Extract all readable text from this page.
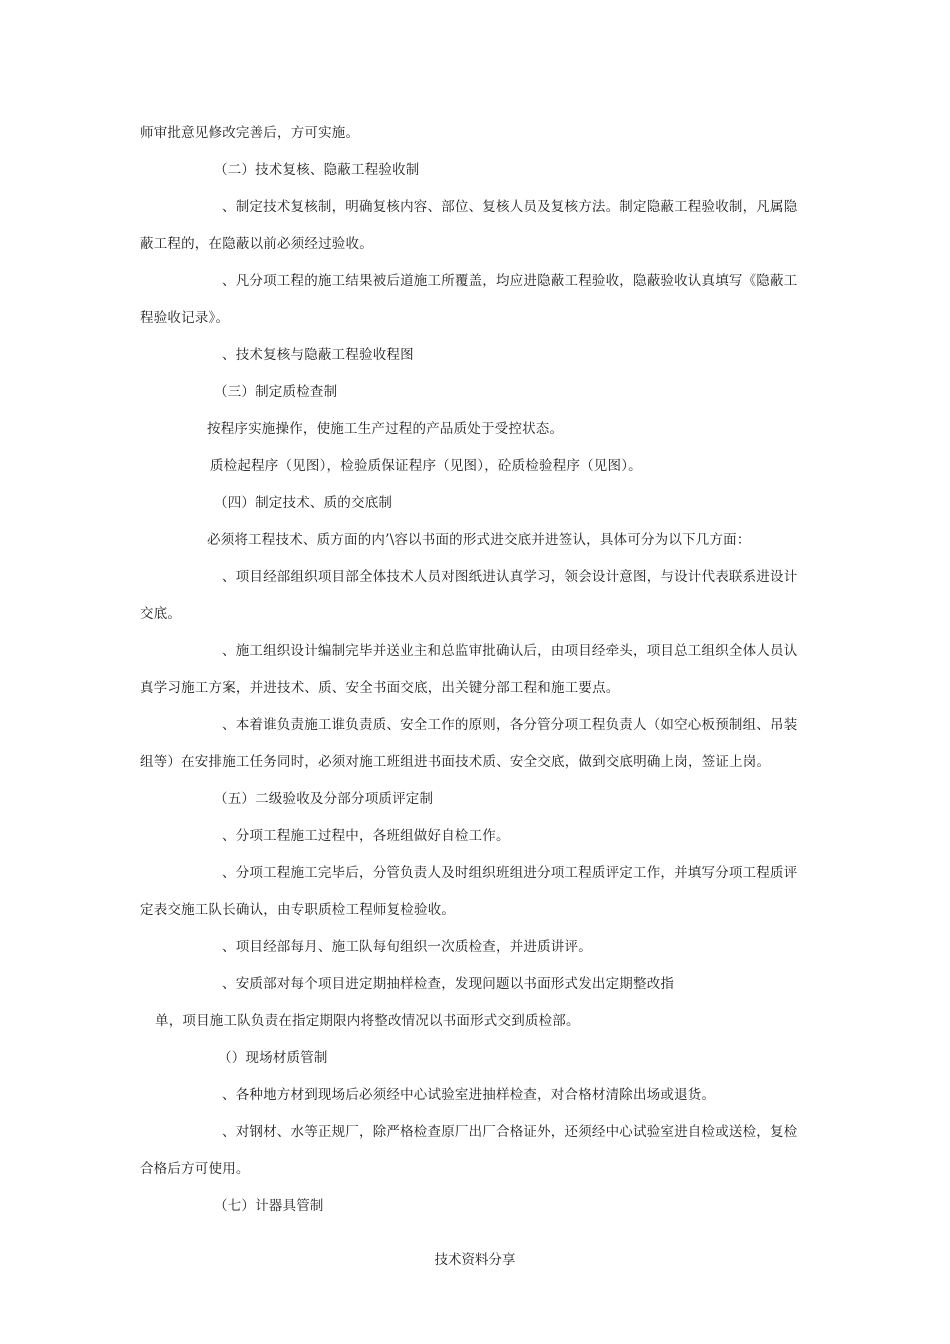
师审批意见修改完善后，方可实施。
（二）技术复核、隐蔽工程验收制
、制定技术复核制，明确复核内容、部位、复核人员及复核方法。制定隐蔽工程验收制，凡属隐
蔽工程的，在隐蔽以前必须经过验收。
、凡分项工程的施工结果被后道施工所覆盖，均应进隐蔽工程验收，隐蔽验收认真填写《隐蔽工
程验收记录》。
、技术复核与隐蔽工程验收程图
（三）制定质检查制
按程序实施操作，使施工生产过程的产品质处于受控状态。
质检起程序（见图），检验质保证程序（见图），砼质检验程序（见图）。
（四）制定技术、质的交底制
必须将工程技术、质方面的内’\容以书面的形式进交底并进签认，具体可分为以下几方面：
、项目经部组织项目部全体技术人员对图纸进认真学习，领会设计意图，与设计代表联系进设计
交底。
、施工组织设计编制完毕并送业主和总监审批确认后，由项目经牵头，项目总工组织全体人员认
真学习施工方案，并进技术、质、安全书面交底，出关键分部工程和施工要点。
、本着谁负责施工谁负责质、安全工作的原则，各分管分项工程负责人（如空心板预制组、吊装
组等）在安排施工任务同时，必须对施工班组进书面技术质、安全交底，做到交底明确上岗，签证上岗。
（五）二级验收及分部分项质评定制
、分项工程施工过程中，各班组做好自检工作。
、分项工程施工完毕后，分管负责人及时组织班组进分项工程质评定工作，并填写分项工程质评
定表交施工队长确认，由专职质检工程师复检验收。
、项目经部每月、施工队每旬组织一次质检查，并进质讲评。
、安质部对每个项目进定期抽样检查，发现问题以书面形式发出定期整改指
单，项目施工队负责在指定期限内将整改情况以书面形式交到质检部。
（）现场材质管制
、各种地方材到现场后必须经中心试验室进抽样检查，对合格材清除出场或退货。
、对钢材、水等正规厂，除严格检查原厂出厂合格证外，还须经中心试验室进自检或送检，复检
合格后方可使用。
（七）计器具管制
技术资料分享
